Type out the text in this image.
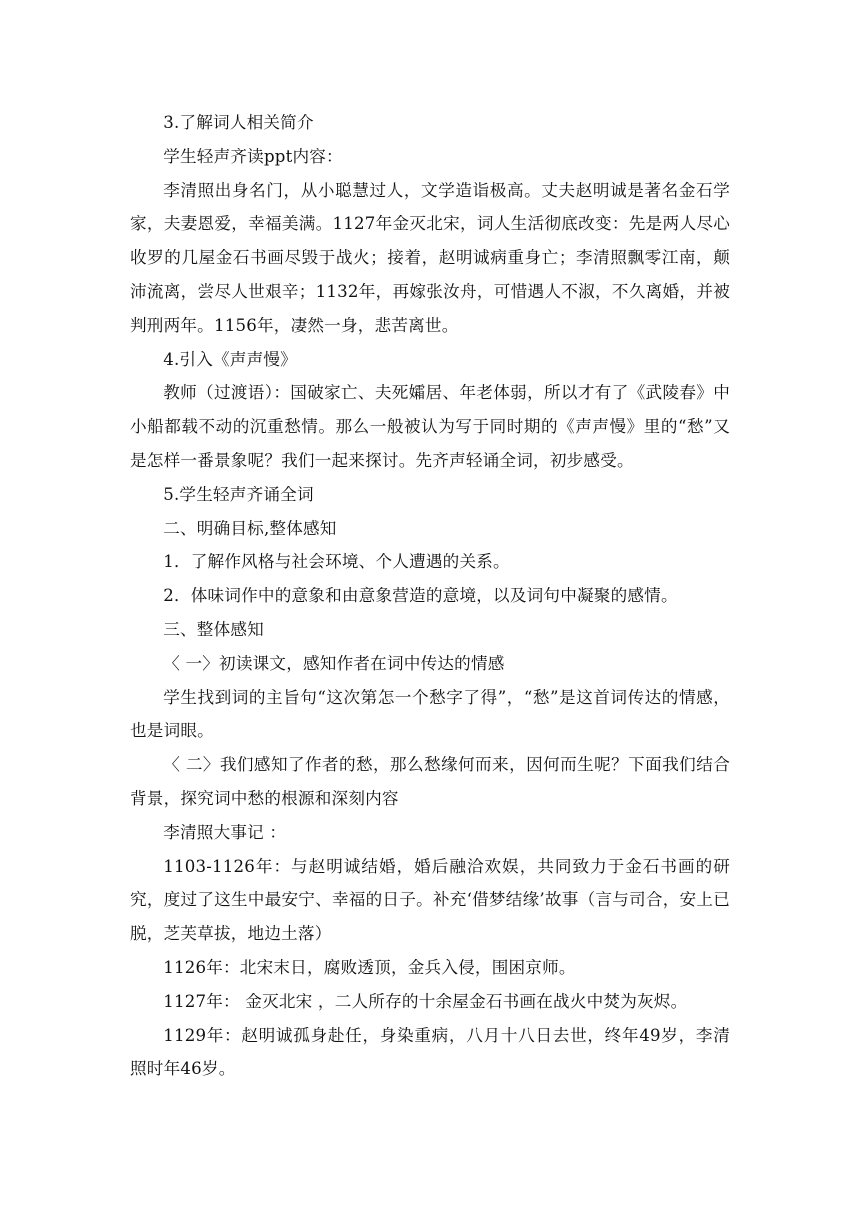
3.了解词人相关简介

学生轻声齐读ppt内容：

李清照出身名门，从小聪慧过人，文学造诣极高。丈夫赵明诚是著名金石学家，夫妻恩爱，幸福美满。1127年金灭北宋，词人生活彻底改变：先是两人尽心收罗的几屋金石书画尽毁于战火；接着，赵明诚病重身亡；李清照飘零江南，颠沛流离，尝尽人世艰辛；1132年，再嫁张汝舟，可惜遇人不淑，不久离婚，并被判刑两年。1156年，凄然一身，悲苦离世。

4.引入《声声慢》

教师（过渡语）：国破家亡、夫死孀居、年老体弱，所以才有了《武陵春》中小船都载不动的沉重愁情。那么一般被认为写于同时期的《声声慢》里的“愁”又是怎样一番景象呢？我们一起来探讨。先齐声轻诵全词，初步感受。

5.学生轻声齐诵全词

二、明确目标,整体感知

1．了解作风格与社会环境、个人遭遇的关系。

2．体味词作中的意象和由意象营造的意境，以及词句中凝聚的感情。

三、整体感知

〈 一〉初读课文，感知作者在词中传达的情感

学生找到词的主旨句“这次第怎一个愁字了得”，“愁”是这首词传达的情感，也是词眼。

〈 二〉我们感知了作者的愁，那么愁缘何而来，因何而生呢？下面我们结合背景，探究词中愁的根源和深刻内容

李清照大事记 ：

1103-1126年：与赵明诚结婚，婚后融洽欢娱，共同致力于金石书画的研究，度过了这生中最安宁、幸福的日子。补充‘借梦结缘’故事（言与司合，安上已脱，芝芙草拔，地边土落）

1126年：北宋末日，腐败透顶，金兵入侵，围困京师。

1127年： 金灭北宋 ，二人所存的十余屋金石书画在战火中焚为灰烬。

1129年：赵明诚孤身赴任，身染重病，八月十八日去世，终年49岁，李清照时年46岁。
